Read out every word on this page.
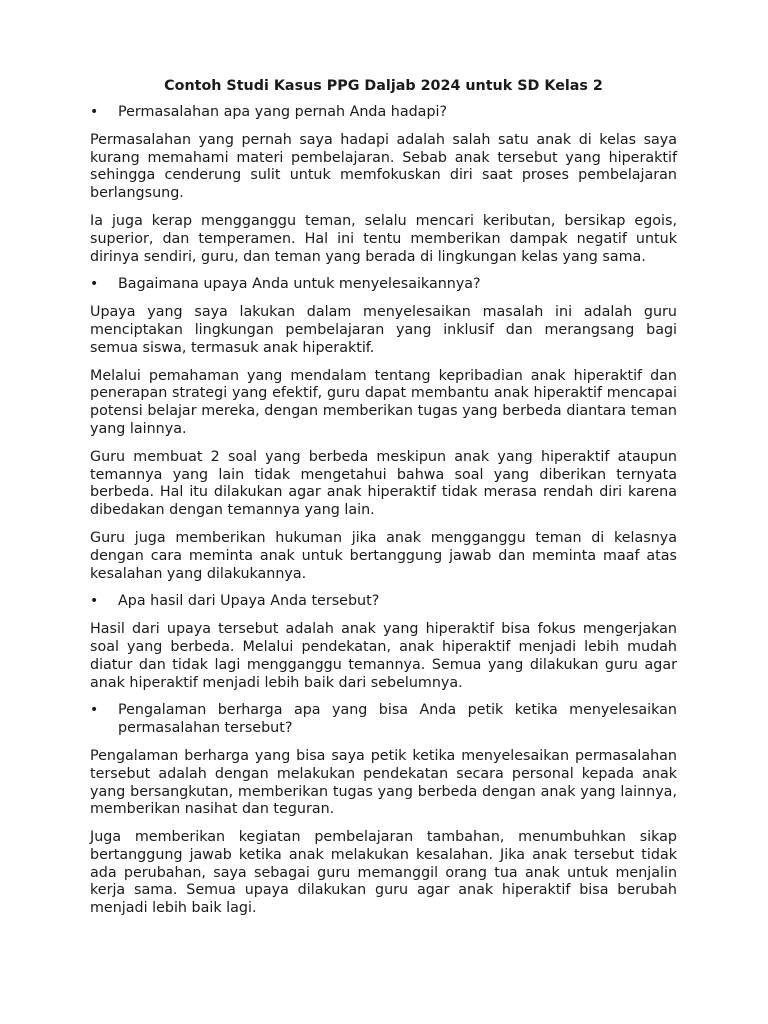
Contoh Studi Kasus PPG Daljab 2024 untuk SD Kelas 2
• Permasalahan apa yang pernah Anda hadapi?

Permasalahan yang pernah saya hadapi adalah salah satu anak di kelas saya kurang memahami materi pembelajaran. Sebab anak tersebut yang hiperaktif sehingga cenderung sulit untuk memfokuskan diri saat proses pembelajaran berlangsung.

Ia juga kerap mengganggu teman, selalu mencari keributan, bersikap egois, superior, dan temperamen. Hal ini tentu memberikan dampak negatif untuk dirinya sendiri, guru, dan teman yang berada di lingkungan kelas yang sama.

• Bagaimana upaya Anda untuk menyelesaikannya?

Upaya yang saya lakukan dalam menyelesaikan masalah ini adalah guru menciptakan lingkungan pembelajaran yang inklusif dan merangsang bagi semua siswa, termasuk anak hiperaktif.

Melalui pemahaman yang mendalam tentang kepribadian anak hiperaktif dan penerapan strategi yang efektif, guru dapat membantu anak hiperaktif mencapai potensi belajar mereka, dengan memberikan tugas yang berbeda diantara teman yang lainnya.

Guru membuat 2 soal yang berbeda meskipun anak yang hiperaktif ataupun temannya yang lain tidak mengetahui bahwa soal yang diberikan ternyata berbeda. Hal itu dilakukan agar anak hiperaktif tidak merasa rendah diri karena dibedakan dengan temannya yang lain.

Guru juga memberikan hukuman jika anak mengganggu teman di kelasnya dengan cara meminta anak untuk bertanggung jawab dan meminta maaf atas kesalahan yang dilakukannya.

• Apa hasil dari Upaya Anda tersebut?

Hasil dari upaya tersebut adalah anak yang hiperaktif bisa fokus mengerjakan soal yang berbeda. Melalui pendekatan, anak hiperaktif menjadi lebih mudah diatur dan tidak lagi mengganggu temannya. Semua yang dilakukan guru agar anak hiperaktif menjadi lebih baik dari sebelumnya.

• Pengalaman berharga apa yang bisa Anda petik ketika menyelesaikan permasalahan tersebut?

Pengalaman berharga yang bisa saya petik ketika menyelesaikan permasalahan tersebut adalah dengan melakukan pendekatan secara personal kepada anak yang bersangkutan, memberikan tugas yang berbeda dengan anak yang lainnya, memberikan nasihat dan teguran.

Juga memberikan kegiatan pembelajaran tambahan, menumbuhkan sikap bertanggung jawab ketika anak melakukan kesalahan. Jika anak tersebut tidak ada perubahan, saya sebagai guru memanggil orang tua anak untuk menjalin kerja sama. Semua upaya dilakukan guru agar anak hiperaktif bisa berubah menjadi lebih baik lagi.
